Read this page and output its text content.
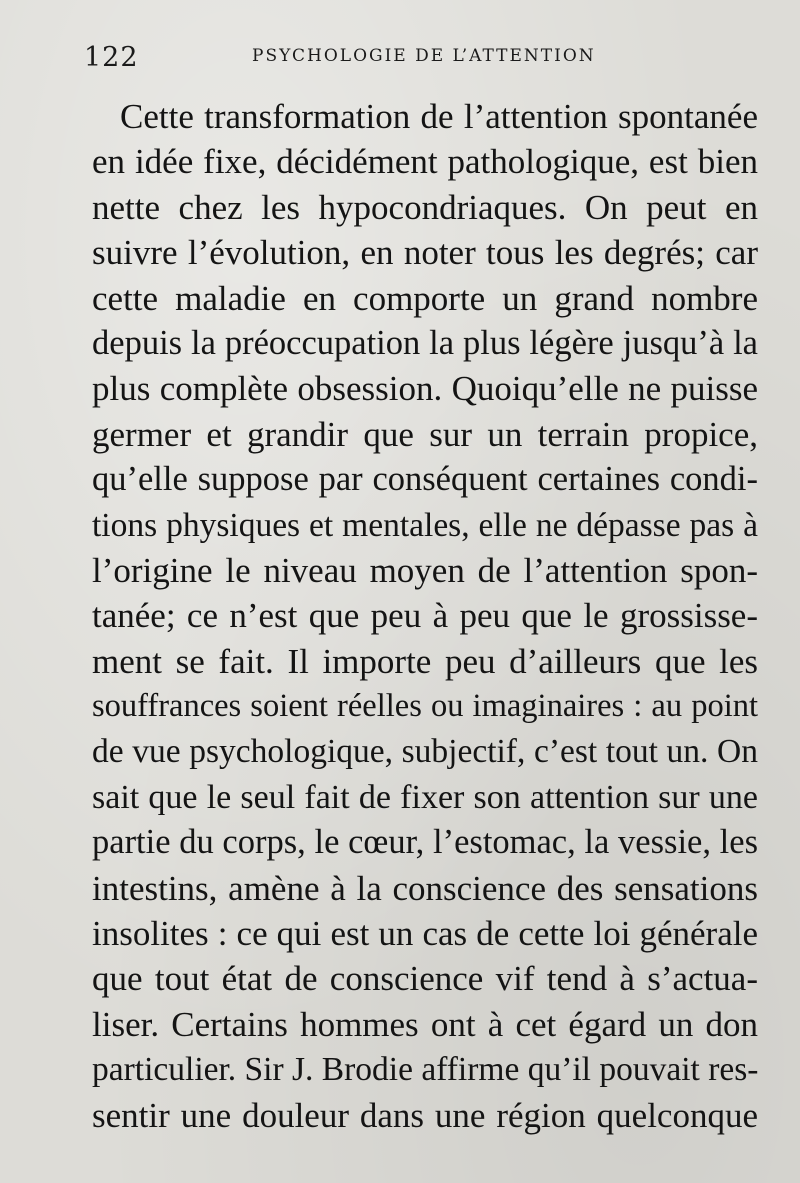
122	PSYCHOLOGIE DE L’ATTENTION
Cette transformation de l’attention spontanée
en idée fixe, décidément pathologique, est bien
nette chez les hypocondriaques. On peut en
suivre l’évolution, en noter tous les degrés; car
cette maladie en comporte un grand nombre
depuis la préoccupation la plus légère jusqu’à la
plus complète obsession. Quoiqu’elle ne puisse
germer et grandir que sur un terrain propice,
qu’elle suppose par conséquent certaines condi-
tions physiques et mentales, elle ne dépasse pas à
l’origine le niveau moyen de l’attention spon-
tanée; ce n’est que peu à peu que le grossisse-
ment se fait. Il importe peu d’ailleurs que les
souffrances soient réelles ou imaginaires : au point
de vue psychologique, subjectif, c’est tout un. On
sait que le seul fait de fixer son attention sur une
partie du corps, le cœur, l’estomac, la vessie, les
intestins, amène à la conscience des sensations
insolites : ce qui est un cas de cette loi générale
que tout état de conscience vif tend à s’actua-
liser. Certains hommes ont à cet égard un don
particulier. Sir J. Brodie affirme qu’il pouvait res-
sentir une douleur dans une région quelconque
